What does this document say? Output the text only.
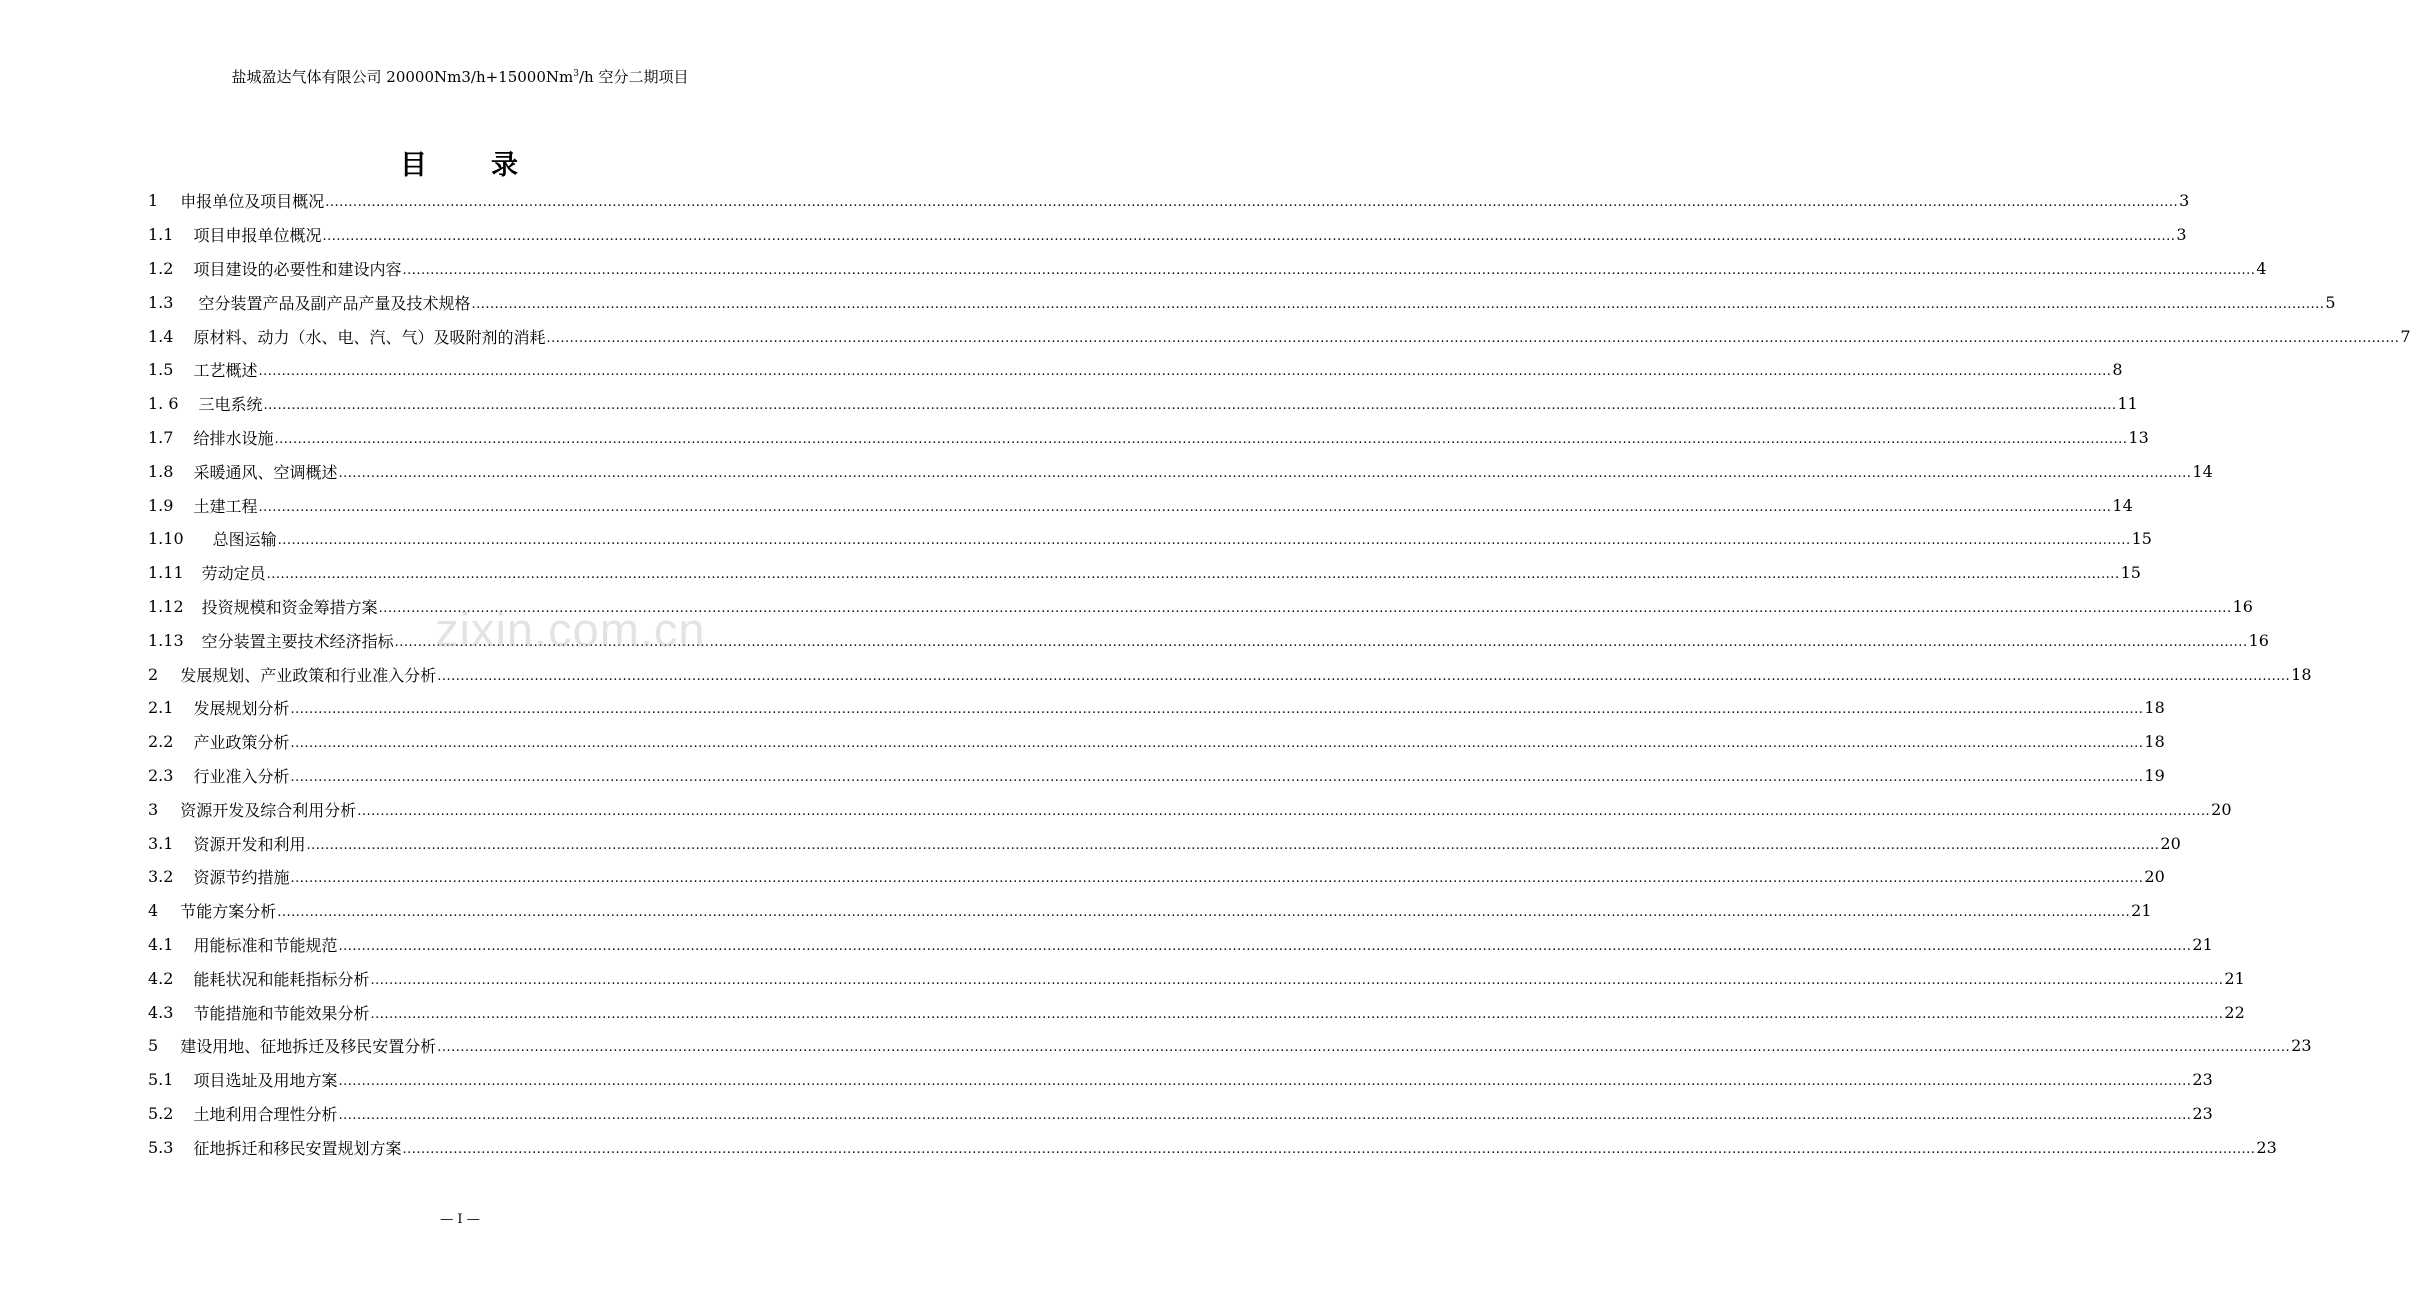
盐城盈达气体有限公司 $20000Nm3/h+15000Nm^3/h$ 空分二期项目
目 录
1 申报单位及项目概况 ................................................................................................................................................................................................................................................................................................................................................................................................................ 3
1.1 项目申报单位概况 ................................................................................................................................................................................................................................................................................................................................................................................................................ 3
1.2 项目建设的必要性和建设内容 ................................................................................................................................................................................................................................................................................................................................................................................................................ 4
1.3 空分装置产品及副产品产量及技术规格 ................................................................................................................................................................................................................................................................................................................................................................................................................ 5
1.4 原材料、动力（水、电、汽、气）及吸附剂的消耗 ................................................................................................................................................................................................................................................................................................................................................................................................................ 7
1.5 工艺概述 ................................................................................................................................................................................................................................................................................................................................................................................................................ 8
1. 6 三电系统 ................................................................................................................................................................................................................................................................................................................................................................................................................ 11
1.7 给排水设施 ................................................................................................................................................................................................................................................................................................................................................................................................................ 13
1.8 采暖通风、空调概述 ................................................................................................................................................................................................................................................................................................................................................................................................................ 14
1.9 土建工程 ................................................................................................................................................................................................................................................................................................................................................................................................................ 14
1.10 总图运输 ................................................................................................................................................................................................................................................................................................................................................................................................................ 15
1.11 劳动定员 ................................................................................................................................................................................................................................................................................................................................................................................................................ 15
1.12 投资规模和资金筹措方案 ................................................................................................................................................................................................................................................................................................................................................................................................................ 16
1.13 空分装置主要技术经济指标 ................................................................................................................................................................................................................................................................................................................................................................................................................ 16
2 发展规划、产业政策和行业准入分析 ................................................................................................................................................................................................................................................................................................................................................................................................................ 18
2.1 发展规划分析 ................................................................................................................................................................................................................................................................................................................................................................................................................ 18
2.2 产业政策分析 ................................................................................................................................................................................................................................................................................................................................................................................................................ 18
2.3 行业准入分析 ................................................................................................................................................................................................................................................................................................................................................................................................................ 19
3 资源开发及综合利用分析 ................................................................................................................................................................................................................................................................................................................................................................................................................ 20
3.1 资源开发和利用 ................................................................................................................................................................................................................................................................................................................................................................................................................ 20
3.2 资源节约措施 ................................................................................................................................................................................................................................................................................................................................................................................................................ 20
4 节能方案分析 ................................................................................................................................................................................................................................................................................................................................................................................................................ 21
4.1 用能标准和节能规范 ................................................................................................................................................................................................................................................................................................................................................................................................................ 21
4.2 能耗状况和能耗指标分析 ................................................................................................................................................................................................................................................................................................................................................................................................................ 21
4.3 节能措施和节能效果分析 ................................................................................................................................................................................................................................................................................................................................................................................................................ 22
5 建设用地、征地拆迁及移民安置分析 ................................................................................................................................................................................................................................................................................................................................................................................................................ 23
5.1 项目选址及用地方案 ................................................................................................................................................................................................................................................................................................................................................................................................................ 23
5.2 土地利用合理性分析 ................................................................................................................................................................................................................................................................................................................................................................................................................ 23
5.3 征地拆迁和移民安置规划方案 ................................................................................................................................................................................................................................................................................................................................................................................................................ 23
zixin.com.cn
— I —
